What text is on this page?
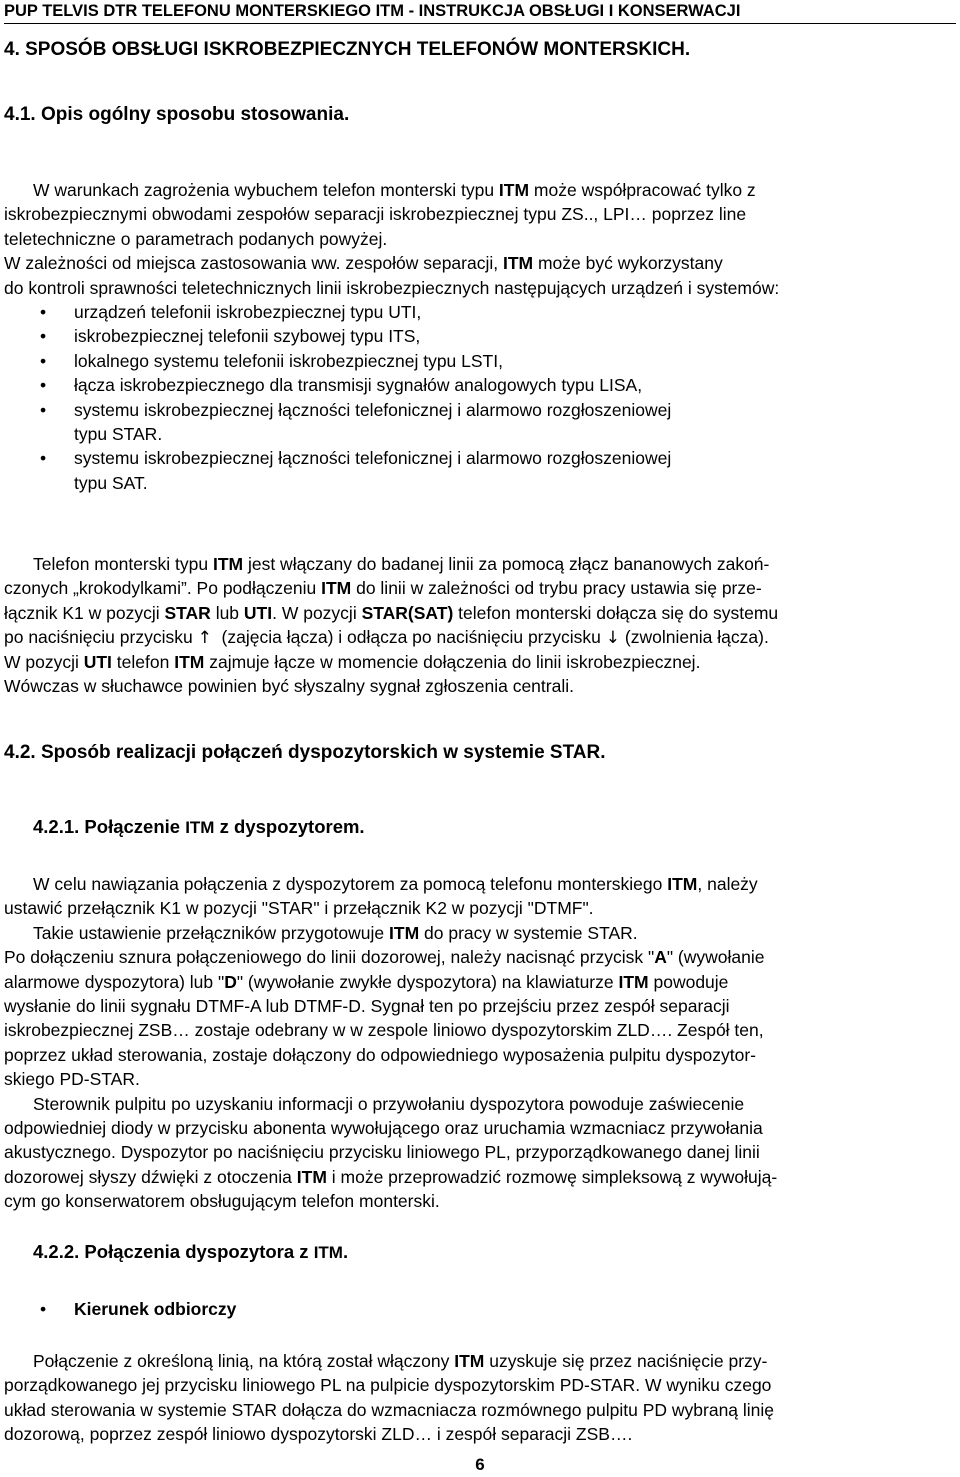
PUP TELVIS DTR TELEFONU MONTERSKIEGO ITM - INSTRUKCJA OBSŁUGI I KONSERWACJI
4. SPOSÓB OBSŁUGI ISKROBEZPIECZNYCH TELEFONÓW MONTERSKICH.
4.1. Opis ogólny sposobu stosowania.
W warunkach zagrożenia wybuchem telefon monterski typu ITM może współpracować tylko z
iskrobezpiecznymi obwodami zespołów separacji iskrobezpiecznej typu ZS.., LPI… poprzez line
teletechniczne o parametrach podanych powyżej.
W zależności od miejsca zastosowania ww. zespołów separacji, ITM może być wykorzystany
do kontroli sprawności teletechnicznych linii iskrobezpiecznych następujących urządzeń i systemów:
• urządzeń telefonii iskrobezpiecznej typu UTI,
• iskrobezpiecznej telefonii szybowej typu ITS,
• lokalnego systemu telefonii iskrobezpiecznej typu LSTI,
• łącza iskrobezpiecznego dla transmisji sygnałów analogowych typu LISA,
• systemu iskrobezpiecznej łączności telefonicznej i alarmowo rozgłoszeniowej
typu STAR.
• systemu iskrobezpiecznej łączności telefonicznej i alarmowo rozgłoszeniowej
typu SAT.
Telefon monterski typu ITM jest włączany do badanej linii za pomocą złącz bananowych zakoń-
czonych „krokodylkami”. Po podłączeniu ITM do linii w zależności od trybu pracy ustawia się prze-
łącznik K1 w pozycji STAR lub UTI. W pozycji STAR(SAT) telefon monterski dołącza się do systemu
po naciśnięciu przycisku ↑ (zajęcia łącza) i odłącza po naciśnięciu przycisku ↓ (zwolnienia łącza).
W pozycji UTI telefon ITM zajmuje łącze w momencie dołączenia do linii iskrobezpiecznej.
Wówczas w słuchawce powinien być słyszalny sygnał zgłoszenia centrali.
4.2. Sposób realizacji połączeń dyspozytorskich w systemie STAR.
4.2.1. Połączenie ITM z dyspozytorem.
W celu nawiązania połączenia z dyspozytorem za pomocą telefonu monterskiego ITM, należy
ustawić przełącznik K1 w pozycji "STAR" i przełącznik K2 w pozycji "DTMF".
Takie ustawienie przełączników przygotowuje ITM do pracy w systemie STAR.
Po dołączeniu sznura połączeniowego do linii dozorowej, należy nacisnąć przycisk "A" (wywołanie
alarmowe dyspozytora) lub "D" (wywołanie zwykłe dyspozytora) na klawiaturze ITM powoduje
wysłanie do linii sygnału DTMF-A lub DTMF-D. Sygnał ten po przejściu przez zespół separacji
iskrobezpiecznej ZSB… zostaje odebrany w w zespole liniowo dyspozytorskim ZLD…. Zespół ten,
poprzez układ sterowania, zostaje dołączony do odpowiedniego wyposażenia pulpitu dyspozytor-
skiego PD-STAR.
Sterownik pulpitu po uzyskaniu informacji o przywołaniu dyspozytora powoduje zaświecenie
odpowiedniej diody w przycisku abonenta wywołującego oraz uruchamia wzmacniacz przywołania
akustycznego. Dyspozytor po naciśnięciu przycisku liniowego PL, przyporządkowanego danej linii
dozorowej słyszy dźwięki z otoczenia ITM i może przeprowadzić rozmowę simpleksową z wywołują-
cym go konserwatorem obsługującym telefon monterski.
4.2.2. Połączenia dyspozytora z ITM.
• Kierunek odbiorczy
Połączenie z określoną linią, na którą został włączony ITM uzyskuje się przez naciśnięcie przy-
porządkowanego jej przycisku liniowego PL na pulpicie dyspozytorskim PD-STAR. W wyniku czego
układ sterowania w systemie STAR dołącza do wzmacniacza rozmównego pulpitu PD wybraną linię
dozorową, poprzez zespół liniowo dyspozytorski ZLD… i zespół separacji ZSB….
6
